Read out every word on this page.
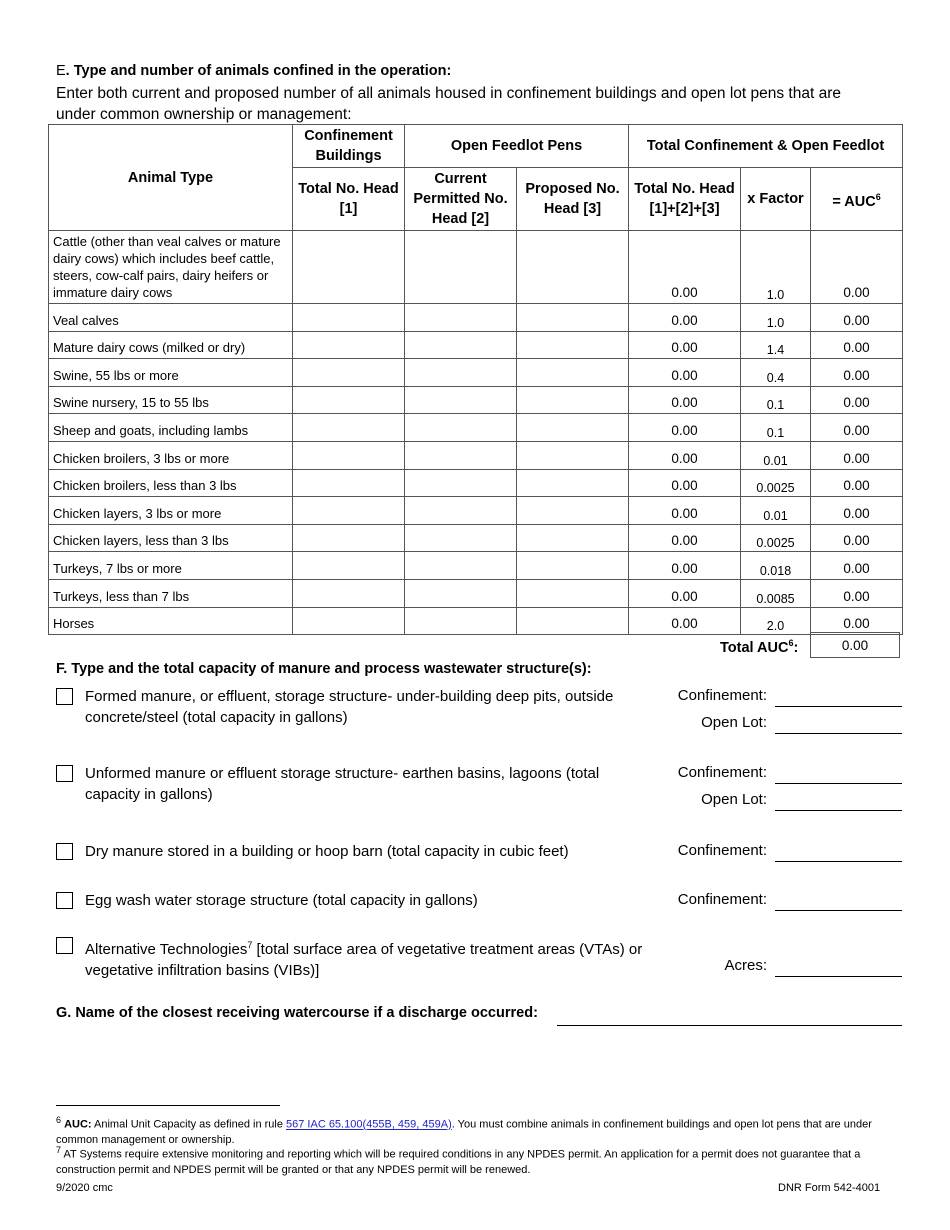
E. Type and number of animals confined in the operation:
Enter both current and proposed number of all animals housed in confinement buildings and open lot pens that are under common ownership or management:
Animal Type	Confinement Buildings	Open Feedlot Pens		Total Confinement & Open Feedlot		
	Total No. Head [1]	Current Permitted No. Head [2]	Proposed No. Head [3]	Total No. Head [1]+[2]+[3]	x Factor	= $AUC^6$
Cattle (other than veal calves or mature dairy cows) which includes beef cattle, steers, cow-calf pairs, dairy heifers or immature dairy cows				0.00	1.0	0.00
Veal calves				0.00	1.0	0.00
Mature dairy cows (milked or dry)				0.00	1.4	0.00
Swine, 55 lbs or more				0.00	0.4	0.00
Swine nursery, 15 to 55 lbs				0.00	0.1	0.00
Sheep and goats, including lambs				0.00	0.1	0.00
Chicken broilers, 3 lbs or more				0.00	0.01	0.00
Chicken broilers, less than 3 lbs				0.00	0.0025	0.00
Chicken layers, 3 lbs or more				0.00	0.01	0.00
Chicken layers, less than 3 lbs				0.00	0.0025	0.00
Turkeys, 7 lbs or more				0.00	0.018	0.00
Turkeys, less than 7 lbs				0.00	0.0085	0.00
Horses				0.00	2.0	0.00
Total AUC$^6$:	0.00
F. Type and the total capacity of manure and process wastewater structure(s):
Formed manure, or effluent, storage structure- under-building deep pits, outside concrete/steel (total capacity in gallons)
Confinement:
Open Lot:
Unformed manure or effluent storage structure- earthen basins, lagoons (total capacity in gallons)
Confinement:
Open Lot:
Dry manure stored in a building or hoop barn (total capacity in cubic feet)	Confinement:
Egg wash water storage structure (total capacity in gallons)	Confinement:
Alternative Technologies$^7$ [total surface area of vegetative treatment areas (VTAs) or vegetative infiltration basins (VIBs)]	Acres:
G. Name of the closest receiving watercourse if a discharge occurred:
$^6$ AUC: Animal Unit Capacity as defined in rule 567 IAC 65.100(455B, 459, 459A). You must combine animals in confinement buildings and open lot pens that are under common management or ownership.
$^7$ AT Systems require extensive monitoring and reporting which will be required conditions in any NPDES permit. An application for a permit does not guarantee that a construction permit and NPDES permit will be granted or that any NPDES permit will be renewed.
9/2020 cmc	DNR Form 542-4001
